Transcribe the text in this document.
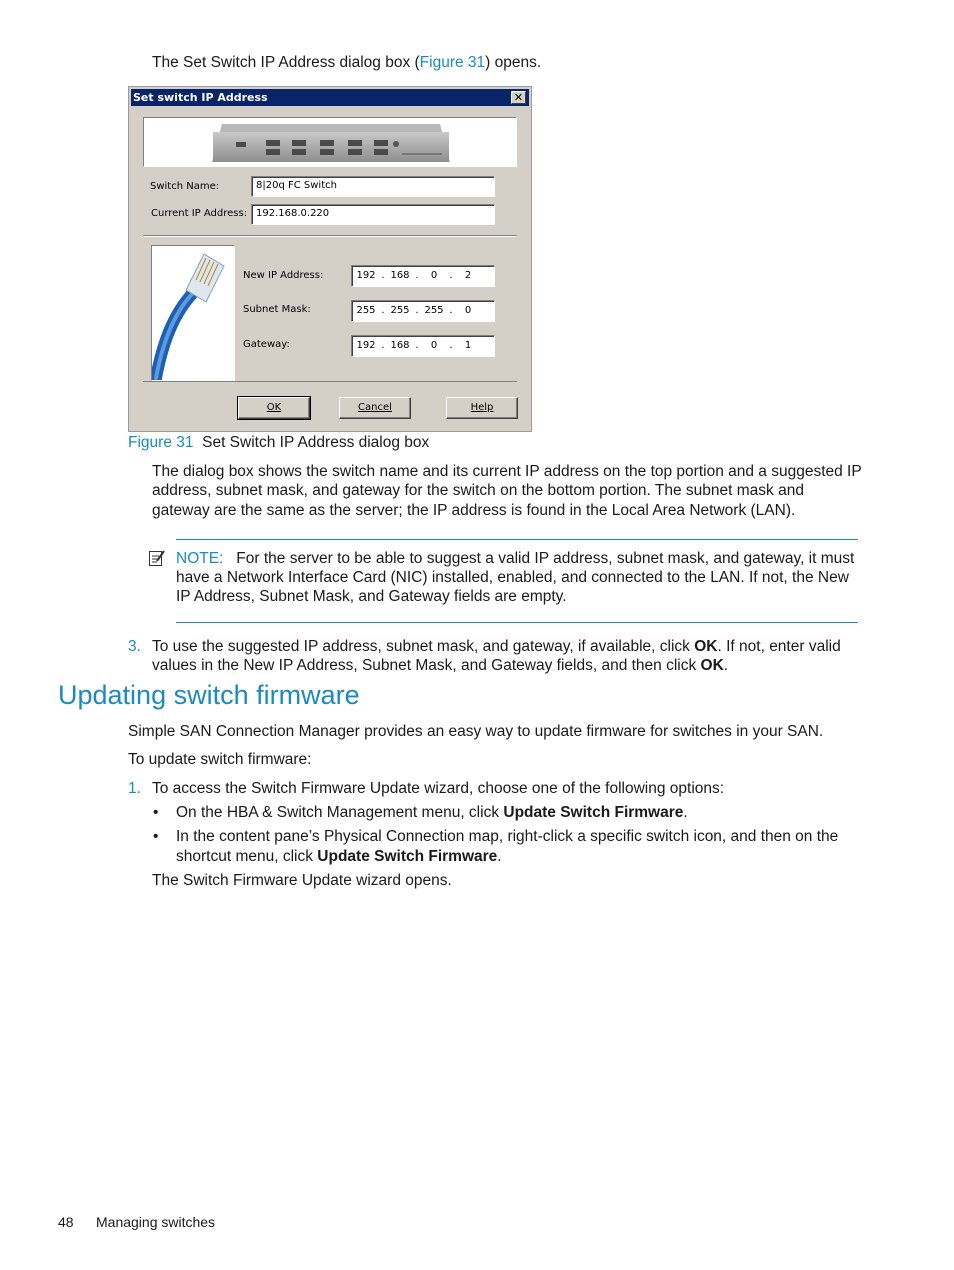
The Set Switch IP Address dialog box (Figure 31) opens.
Set switch IP Address	✕
Switch Name:	8|20q FC Switch
Current IP Address: 192.168.0.220
New IP Address:	192 . 168 .	0	.	2
Subnet Mask:	255 . 255 . 255 .	0
Gateway:	192 . 168 .	0	.	1
OK	Cancel	Help
Figure 31 Set Switch IP Address dialog box
The dialog box shows the switch name and its current IP address on the top portion and a suggested IP
address, subnet mask, and gateway for the switch on the bottom portion. The subnet mask and
gateway are the same as the server; the IP address is found in the Local Area Network (LAN).
NOTE: For the server to be able to suggest a valid IP address, subnet mask, and gateway, it must
have a Network Interface Card (NIC) installed, enabled, and connected to the LAN. If not, the New
IP Address, Subnet Mask, and Gateway fields are empty.
3. To use the suggested IP address, subnet mask, and gateway, if available, click OK. If not, enter valid
values in the New IP Address, Subnet Mask, and Gateway fields, and then click OK.
Updating switch firmware
Simple SAN Connection Manager provides an easy way to update firmware for switches in your SAN.
To update switch firmware:
1. To access the Switch Firmware Update wizard, choose one of the following options:
• On the HBA & Switch Management menu, click Update Switch Firmware.
• In the content pane’s Physical Connection map, right-click a specific switch icon, and then on the
shortcut menu, click Update Switch Firmware.
The Switch Firmware Update wizard opens.
48 Managing switches
